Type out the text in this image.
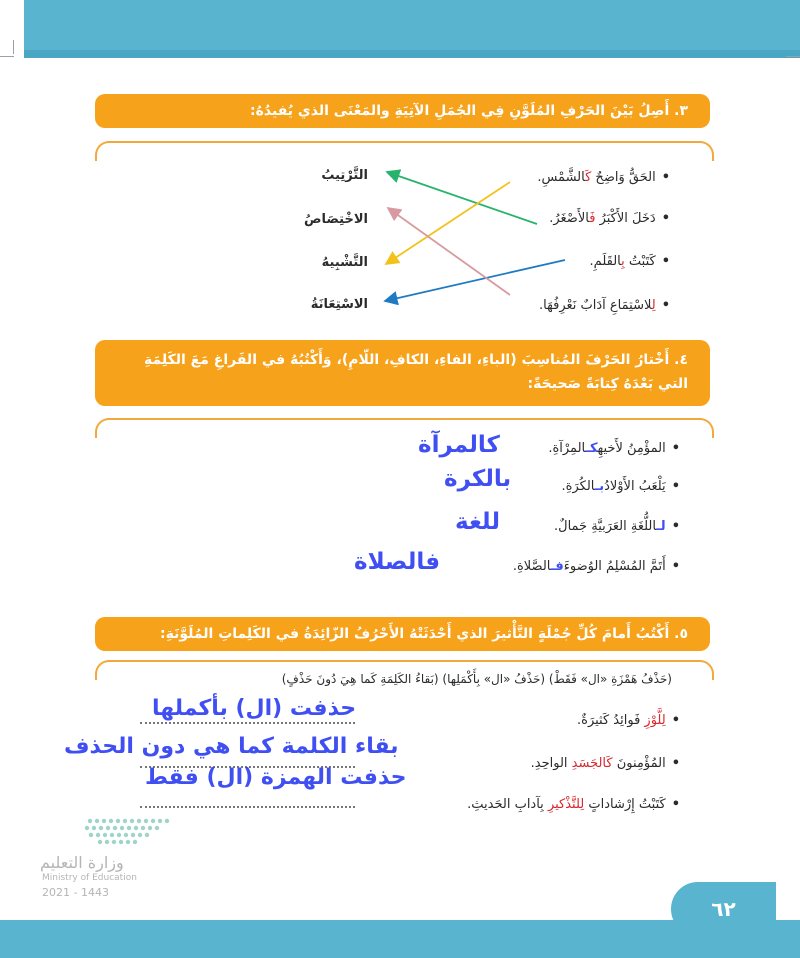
٣. أَصِلُ بَيْنَ الحَرْفِ المُلَوَّنِ فِي الجُمَلِ الآتِيَةِ والمَعْنَى الذي يُفيدُهُ:
•الحَقُّ وَاضِحٌ كَالشَّمْسِ.
•دَخَلَ الأَكْبَرُ فَالأَصْغَرُ.
•كَتَبْتُ بِالقَلَمِ.
•لِلاسْتِمَاعِ آدَابٌ نَعْرِفُهَا.
التَّرْتِيبُ
الاخْتِصَاصُ
التَّشْبِيهُ
الاسْتِعَانَةُ
٤. أَخْتارُ الحَرْفَ المُناسِبَ (الباءِ، الفاءِ، الكافِ، اللّامِ)، وَأَكْتُبُهُ في الفَراغِ مَعَ الكَلِمَةِ
التي بَعْدَهُ كِتابَةً صَحيحَةً:
•المؤْمِنُ لأَخيهِكـالمِرْآةِ.
كالمرآة
•يَلْعَبُ الأَوْلادُبـالكُرَةِ.
بالكرة
•لـاللُّغَةِ العَرَبيَّةِ جَمالٌ.
للغة
•أَتَمَّ المُسْلِمُ الوُضوءَفـالصَّلاةِ.
فالصلاة
٥. أَكْتُبُ أَمامَ كُلِّ جُمْلَةٍ التَّأْثيرَ الذي أَحْدَثَتْهُ الأَحْرُفُ الزّائِدَةُ في الكَلِماتِ المُلَوَّنَةِ:
(حَذْفُ هَمْزَةِ «ال» فَقَطْ) (حَذْفُ «ال» بِأَكْمَلِها) (بَقاءُ الكَلِمَةِ كَما هِيَ دُونَ حَذْفٍ)
•لِلَّوْزِ فَوائِدُ كَثيرَةٌ.
•المُؤْمِنونَ كَالجَسَدِ الواحِدِ.
•كَتَبْتُ إِرْشاداتٍ لِلتَّذْكيرِ بِآدابِ الحَديثِ.
حذفت (ال) بأكملها
بقاء الكلمة كما هي دون الحذف
حذفت الهمزة (ال) فقط
وزارة التعليم
Ministry of Education
2021 - 1443
٦٢
